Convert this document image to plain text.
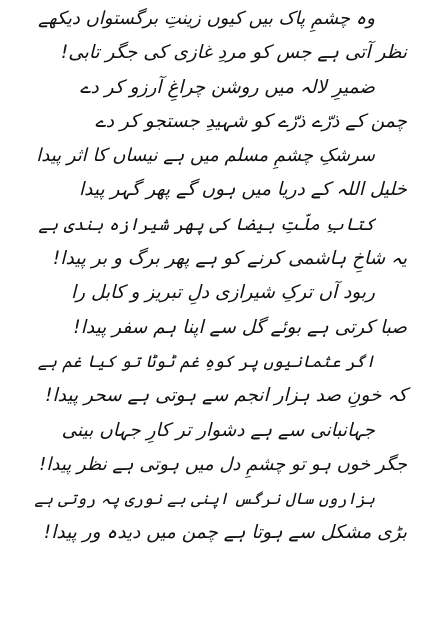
وہ چشمِ پاک بیں کیوں زینتِ برگستواں دیکھے
نظر آتی ہے جس کو مردِ غازی کی جگر تابی!
ضمیرِ لالہ میں روشن چراغِ آرزو کر دے
چمن کے ذرّے ذرّے کو شہیدِ جستجو کر دے
سرشکِ چشمِ مسلم میں ہے نیساں کا اثر پیدا
خلیل اللہ کے دریا میں ہوں گے پھر گہر پیدا
کتابِ ملّتِ بیضا کی پھر شیرازہ بندی ہے
یہ شاخِ ہاشمی کرنے کو ہے پھر برگ و بر پیدا!
ربود آں ترکِ شیرازی دلِ تبریز و کابل را
صبا کرتی ہے بوئے گل سے اپنا ہم سفر پیدا!
اگر عثمانیوں پر کوہِ غم ٹوٹا تو کیا غم ہے
کہ خونِ صد ہزار انجم سے ہوتی ہے سحر پیدا!
جہانبانی سے ہے دشوار تر کارِ جہاں بینی
جگر خوں ہو تو چشمِ دل میں ہوتی ہے نظر پیدا!
ہزاروں سال نرگس اپنی بے نوری پہ روتی ہے
بڑی مشکل سے ہوتا ہے چمن میں دیدہ ور پیدا!
